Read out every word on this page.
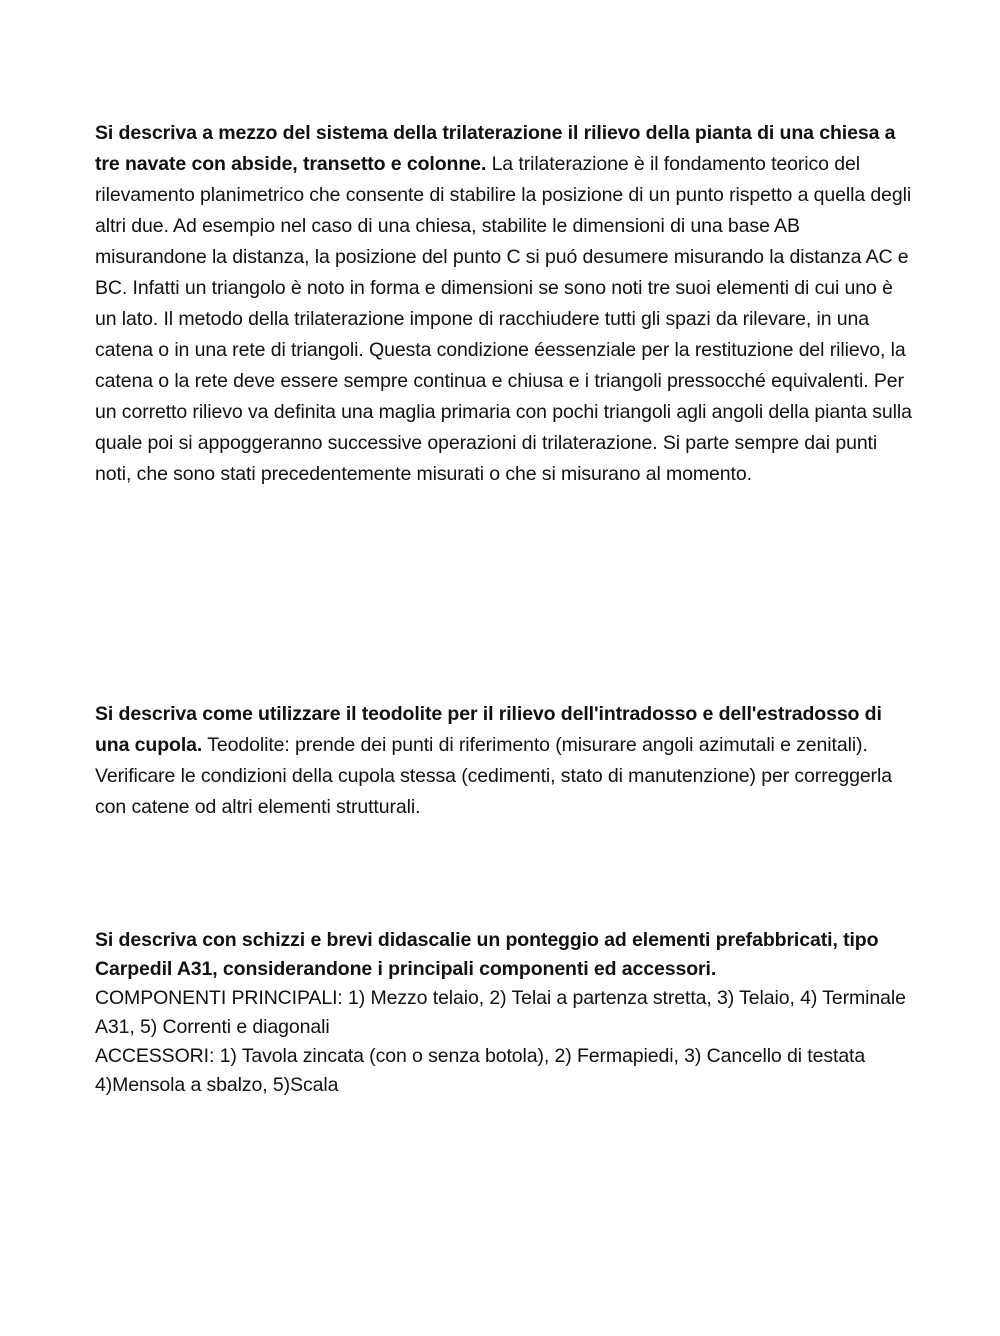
Si descriva a mezzo del sistema della trilaterazione il rilievo della pianta di una chiesa a tre navate con abside, transetto e colonne. La trilaterazione è il fondamento teorico del rilevamento planimetrico che consente di stabilire la posizione di un punto rispetto a quella degli altri due. Ad esempio nel caso di una chiesa, stabilite le dimensioni di una base AB misurandone la distanza, la posizione del punto C si puó desumere misurando la distanza AC e BC. Infatti un triangolo è noto in forma e dimensioni se sono noti tre suoi elementi di cui uno è un lato. Il metodo della trilaterazione impone di racchiudere tutti gli spazi da rilevare, in una catena o in una rete di triangoli. Questa condizione éessenziale per la restituzione del rilievo, la catena o la rete deve essere sempre continua e chiusa e i triangoli pressocché equivalenti. Per un corretto rilievo va definita una maglia primaria con pochi triangoli agli angoli della pianta sulla quale poi si appoggeranno successive operazioni di trilaterazione. Si parte sempre dai punti noti, che sono stati precedentemente misurati o che si misurano al momento.
Si descriva come utilizzare il teodolite per il rilievo dell'intradosso e dell'estradosso di una cupola. Teodolite: prende dei punti di riferimento (misurare angoli azimutali e zenitali). Verificare le condizioni della cupola stessa (cedimenti, stato di manutenzione) per correggerla con catene od altri elementi strutturali.
Si descriva con schizzi e brevi didascalie un ponteggio ad elementi prefabbricati, tipo Carpedil A31, considerandone i principali componenti ed accessori.
COMPONENTI PRINCIPALI: 1) Mezzo telaio, 2) Telai a partenza stretta, 3) Telaio, 4) Terminale A31, 5) Correnti e diagonali
ACCESSORI: 1) Tavola zincata (con o senza botola), 2) Fermapiedi, 3) Cancello di testata 4)Mensola a sbalzo, 5)Scala
